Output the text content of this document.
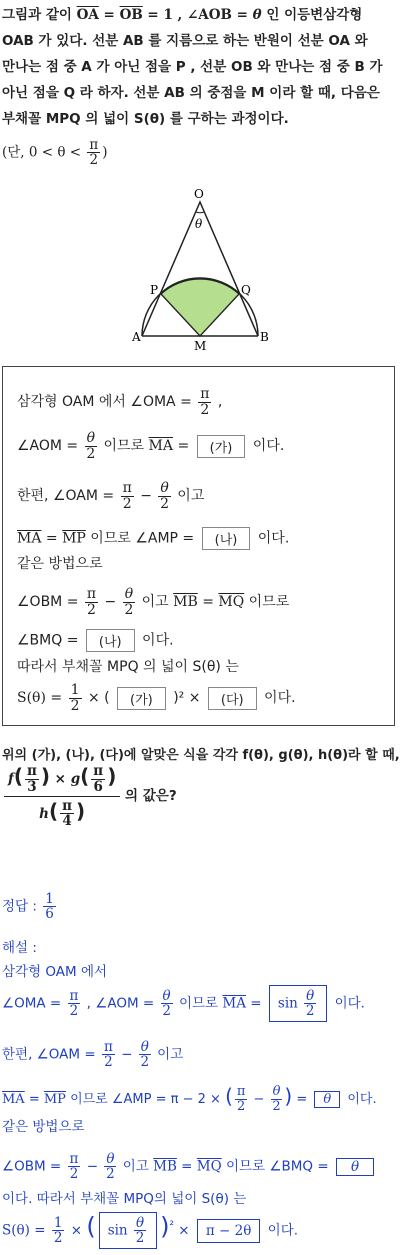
그림과 같이 $\overline{OA} = \overline{OB} = 1$ , ∠AOB = θ 인 이등변삼각형

OAB 가 있다. 선분 AB 를 지름으로 하는 반원이 선분 OA 와

만나는 점 중 A 가 아닌 점을 P , 선분 OB 와 만나는 점 중 B 가

아닌 점을 Q 라 하자. 선분 AB 의 중점을 M 이라 할 때, 다음은

부채꼴 MPQ 의 넓이 S(θ) 를 구하는 과정이다.

(단, $0 < \theta < \frac{\pi}{2}$ )

O
θ
P	Q
A
M
B
삼각형 OAM 에서 ∠OMA = $\frac{\pi}{2}$ ,
∠AOM = $\frac{\theta}{2}$ 이므로 $\overline{MA}$ = (가) 이다.
한편, ∠OAM = $\frac{\pi}{2} - \frac{\theta}{2}$ 이고
$\overline{MA} = \overline{MP}$ 이므로 ∠AMP = (나) 이다.
같은 방법으로
∠OBM = $\frac{\pi}{2} - \frac{\theta}{2}$ 이고 $\overline{MB} = \overline{MQ}$ 이므로
∠BMQ = (나) 이다.
따라서 부채꼴 MPQ 의 넓이 S(θ) 는
$S(\theta) = \frac{1}{2}$ × ( (가) )² × (다) 이다.
위의 (가), (나), (다)에 알맞은 식을 각각 f(θ), g(θ), h(θ)라 할 때,
$\frac{f( \frac{\pi}{3} ) \times g( \frac{\pi}{6} )}{h( \frac{\pi}{4} )}$ 의 값은?
정답 : $\frac{1}{6}$
해설 :
삼각형 OAM 에서
∠OMA = $\frac{\pi}{2}$ , ∠AOM = $\frac{\theta}{2}$ 이므로 $\overline{MA} = \sin \frac{\theta}{2}$ 이다.
한편, ∠OAM = $\frac{\pi}{2} - \frac{\theta}{2}$ 이고
$\overline{MA} = \overline{MP}$ 이므로 ∠AMP = π − 2 × ( $\frac{\pi}{2} - \frac{\theta}{2}$ ) = θ 이다.
같은 방법으로
∠OBM = $\frac{\pi}{2} - \frac{\theta}{2}$ 이고 $\overline{MB} = \overline{MQ}$ 이므로 ∠BMQ = θ
이다. 따라서 부채꼴 MPQ의 넓이 S(θ) 는
$S(\theta) = \frac{1}{2}$ × ( $\sin \frac{\theta}{2} )^{^2} \times \pi - 2\theta$ 이다.
